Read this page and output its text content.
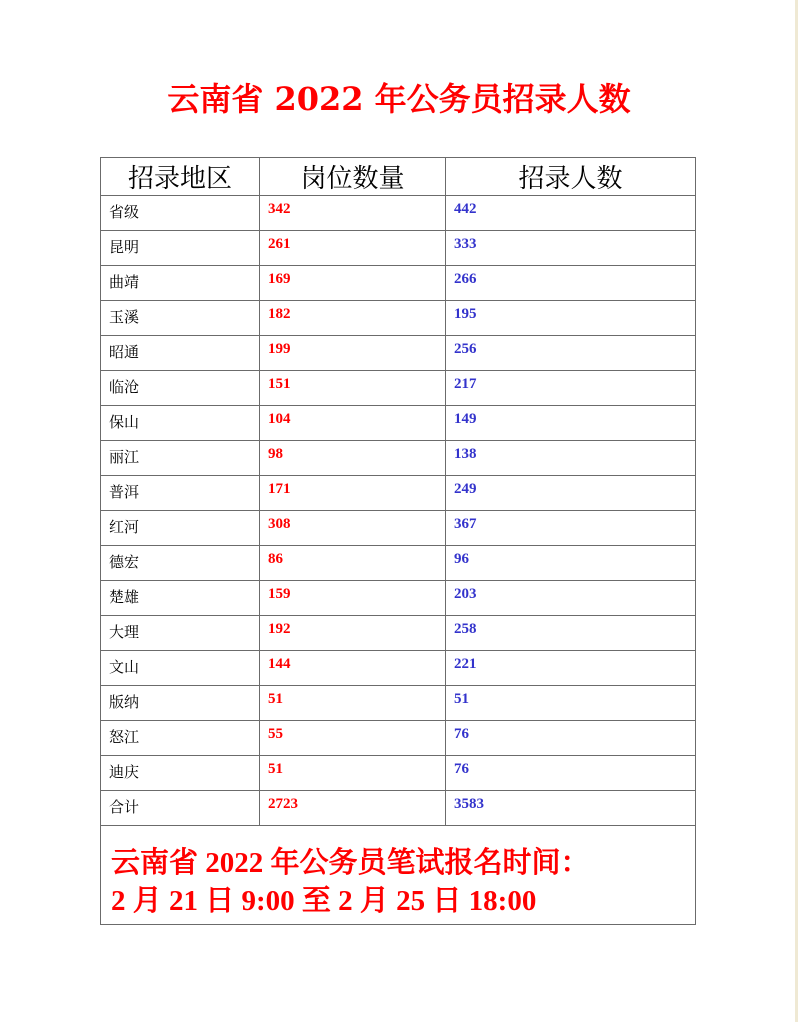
云南省 2022 年公务员招录人数
招录地区	岗位数量	招录人数
省级	342	442
昆明	261	333
曲靖	169	266
玉溪	182	195
昭通	199	256
临沧	151	217
保山	104	149
丽江	98	138
普洱	171	249
红河	308	367
德宏	86	96
楚雄	159	203
大理	192	258
文山	144	221
版纳	51	51
怒江	55	76
迪庆	51	76
合计	2723	3583

云南省 2022 年公务员笔试报名时间：
2 月 21 日 9:00 至 2 月 25 日 18:00		
